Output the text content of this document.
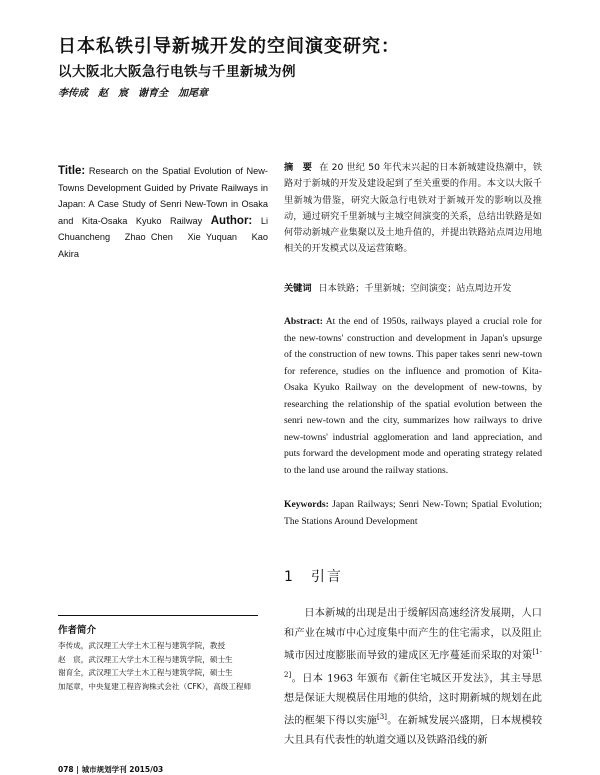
日本私铁引导新城开发的空间演变研究：
以大阪北大阪急行电铁与千里新城为例
李传成　赵　宸　谢育全　加尾章
Title: Research on the Spatial Evolution of New-Towns Development Guided by Private Railways in Japan: A Case Study of Senri New-Town in Osaka and Kita-Osaka Kyuko Railway Author: Li Chuancheng　Zhao Chen　Xie Yuquan　Kao Akira
摘　要 在 20 世纪 50 年代末兴起的日本新城建设热潮中，铁路对于新城的开发及建设起到了至关重要的作用。本文以大阪千里新城为借鉴，研究大阪急行电铁对于新城开发的影响以及推动，通过研究千里新城与主城空间演变的关系，总结出铁路是如何带动新城产业集聚以及土地升值的，并提出铁路站点周边用地相关的开发模式以及运营策略。
关键词 日本铁路；千里新城；空间演变；站点周边开发
Abstract: At the end of 1950s, railways played a crucial role for the new-towns' construction and development in Japan's upsurge of the construction of new towns. This paper takes senri new-town for reference, studies on the influence and promotion of Kita-Osaka Kyuko Railway on the development of new-towns, by researching the relationship of the spatial evolution between the senri new-town and the city, summarizes how railways to drive new-towns' industrial agglomeration and land appreciation, and puts forward the development mode and operating strategy related to the land use around the railway stations.
Keywords: Japan Railways; Senri New-Town; Spatial Evolution; The Stations Around Development
1　引言
日本新城的出现是出于缓解因高速经济发展期，人口和产业在城市中心过度集中而产生的住宅需求，以及阻止城市因过度膨胀而导致的建成区无序蔓延而采取的对策[1-2]。日本 1963 年颁布《新住宅城区开发法》，其主导思想是保证大规模居住用地的供给，这时期新城的规划在此法的框架下得以实施[3]。在新城发展兴盛期，日本规模较大且具有代表性的轨道交通以及铁路沿线的新
作者简介
李传成，武汉理工大学土木工程与建筑学院，教授
赵　宸，武汉理工大学土木工程与建筑学院，硕士生
谢育全，武汉理工大学土木工程与建筑学院，硕士生
加尾章，中央复建工程咨询株式会社（CFK），高级工程师
078 | 城市规划学刊 2015/03
